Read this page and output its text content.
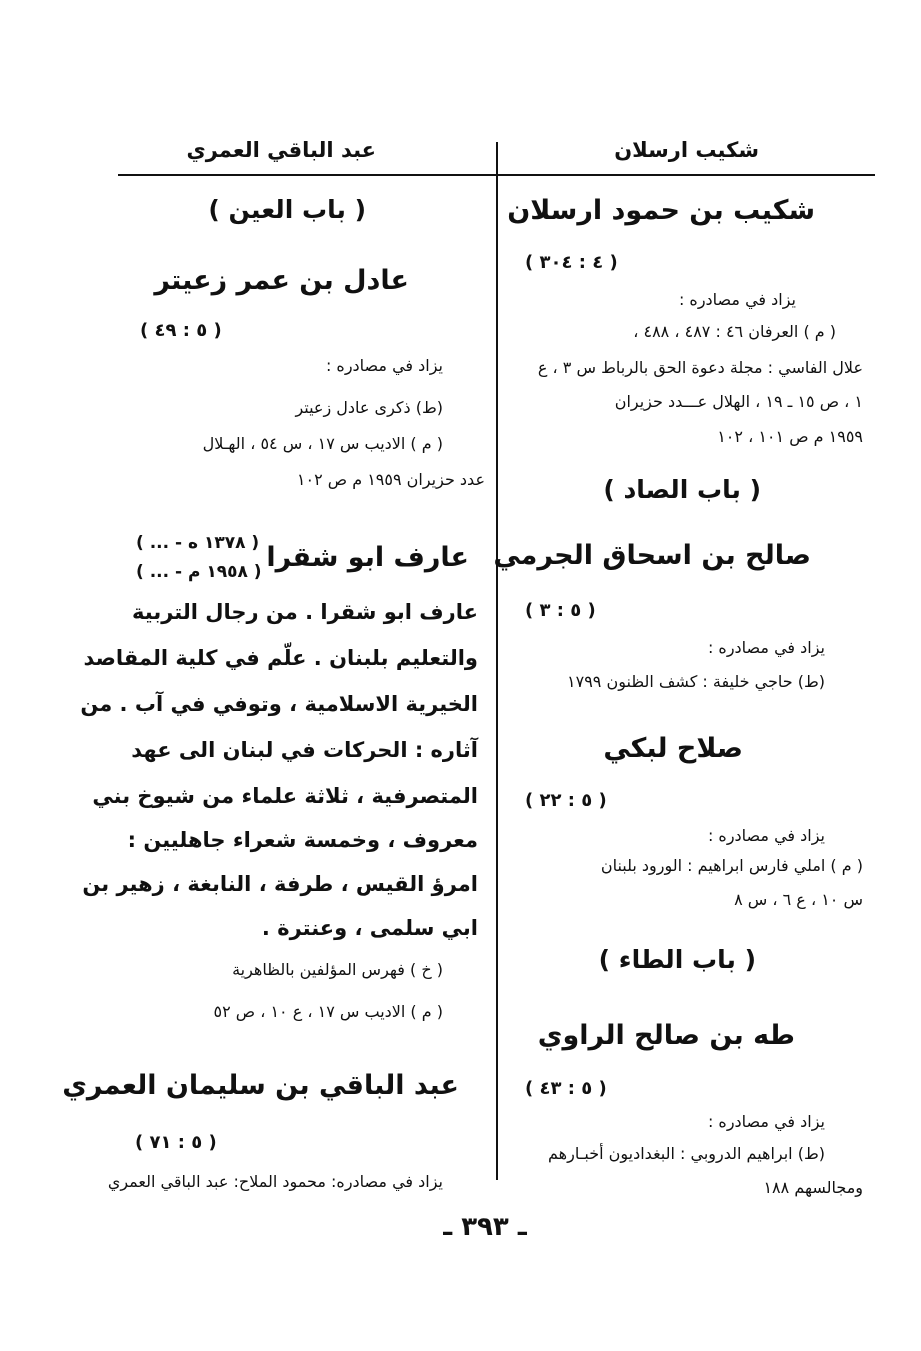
شكيب ارسلان
عبد الباقي العمري
شكيب بن حمود ارسلان
( ٤ : ٣٠٤ )
يزاد في مصادره :
( م ) العرفان ٤٦ : ٤٨٧ ، ٤٨٨ ،
علال الفاسي : مجلة دعوة الحق بالرباط س ٣ ، ع
١ ، ص ١٥ ـ ١٩ ، الهلال عـــدد حزيران
١٩٥٩ م ص ١٠١ ، ١٠٢
( باب الصاد )
صالح بن اسحاق الجرمي
( ٥ : ٣ )
يزاد في مصادره :
(ط) حاجي خليفة : كشف الظنون ١٧٩٩
صلاح لبكي
( ٥ : ٢٢ )
يزاد في مصادره :
( م ) املي فارس ابراهيم : الورود بلبنان
س ١٠ ، ع ٦ ، س ٨
( باب الطاء )
طه بن صالح الراوي
( ٥ : ٤٣ )
يزاد في مصادره :
(ط) ابراهيم الدروبي : البغداديون أخبـارهم
ومجالسهم ١٨٨
( باب العين )
عادل بن عمر زعيتر
( ٥ : ٤٩ )
يزاد في مصادره :
(ط) ذكرى عادل زعيتر
( م ) الاديب س ١٧ ، س ٥٤ ، الهـلال
عدد حزيران ١٩٥٩ م ص ١٠٢
عارف ابو شقرا
( ... - ١٣٧٨ ه )
( ... - ١٩٥٨ م )
عارف ابو شقرا . من رجال التربية
والتعليم بلبنان . علّم في كلية المقاصد
الخيرية الاسلامية ، وتوفي في آب . من
آثاره : الحركات في لبنان الى عهد
المتصرفية ، ثلاثة علماء من شيوخ بني
معروف ، وخمسة شعراء جاهليين :
امرؤ القيس ، طرفة ، النابغة ، زهير بن
ابي سلمى ، وعنترة .
( خ ) فهرس المؤلفين بالظاهرية
( م ) الاديب س ١٧ ، ع ١٠ ، ص ٥٢
عبد الباقي بن سليمان العمري
( ٥ : ٧١ )
يزاد في مصادره: محمود الملاح: عبد الباقي العمري
ـ ٣٩٣ ـ
